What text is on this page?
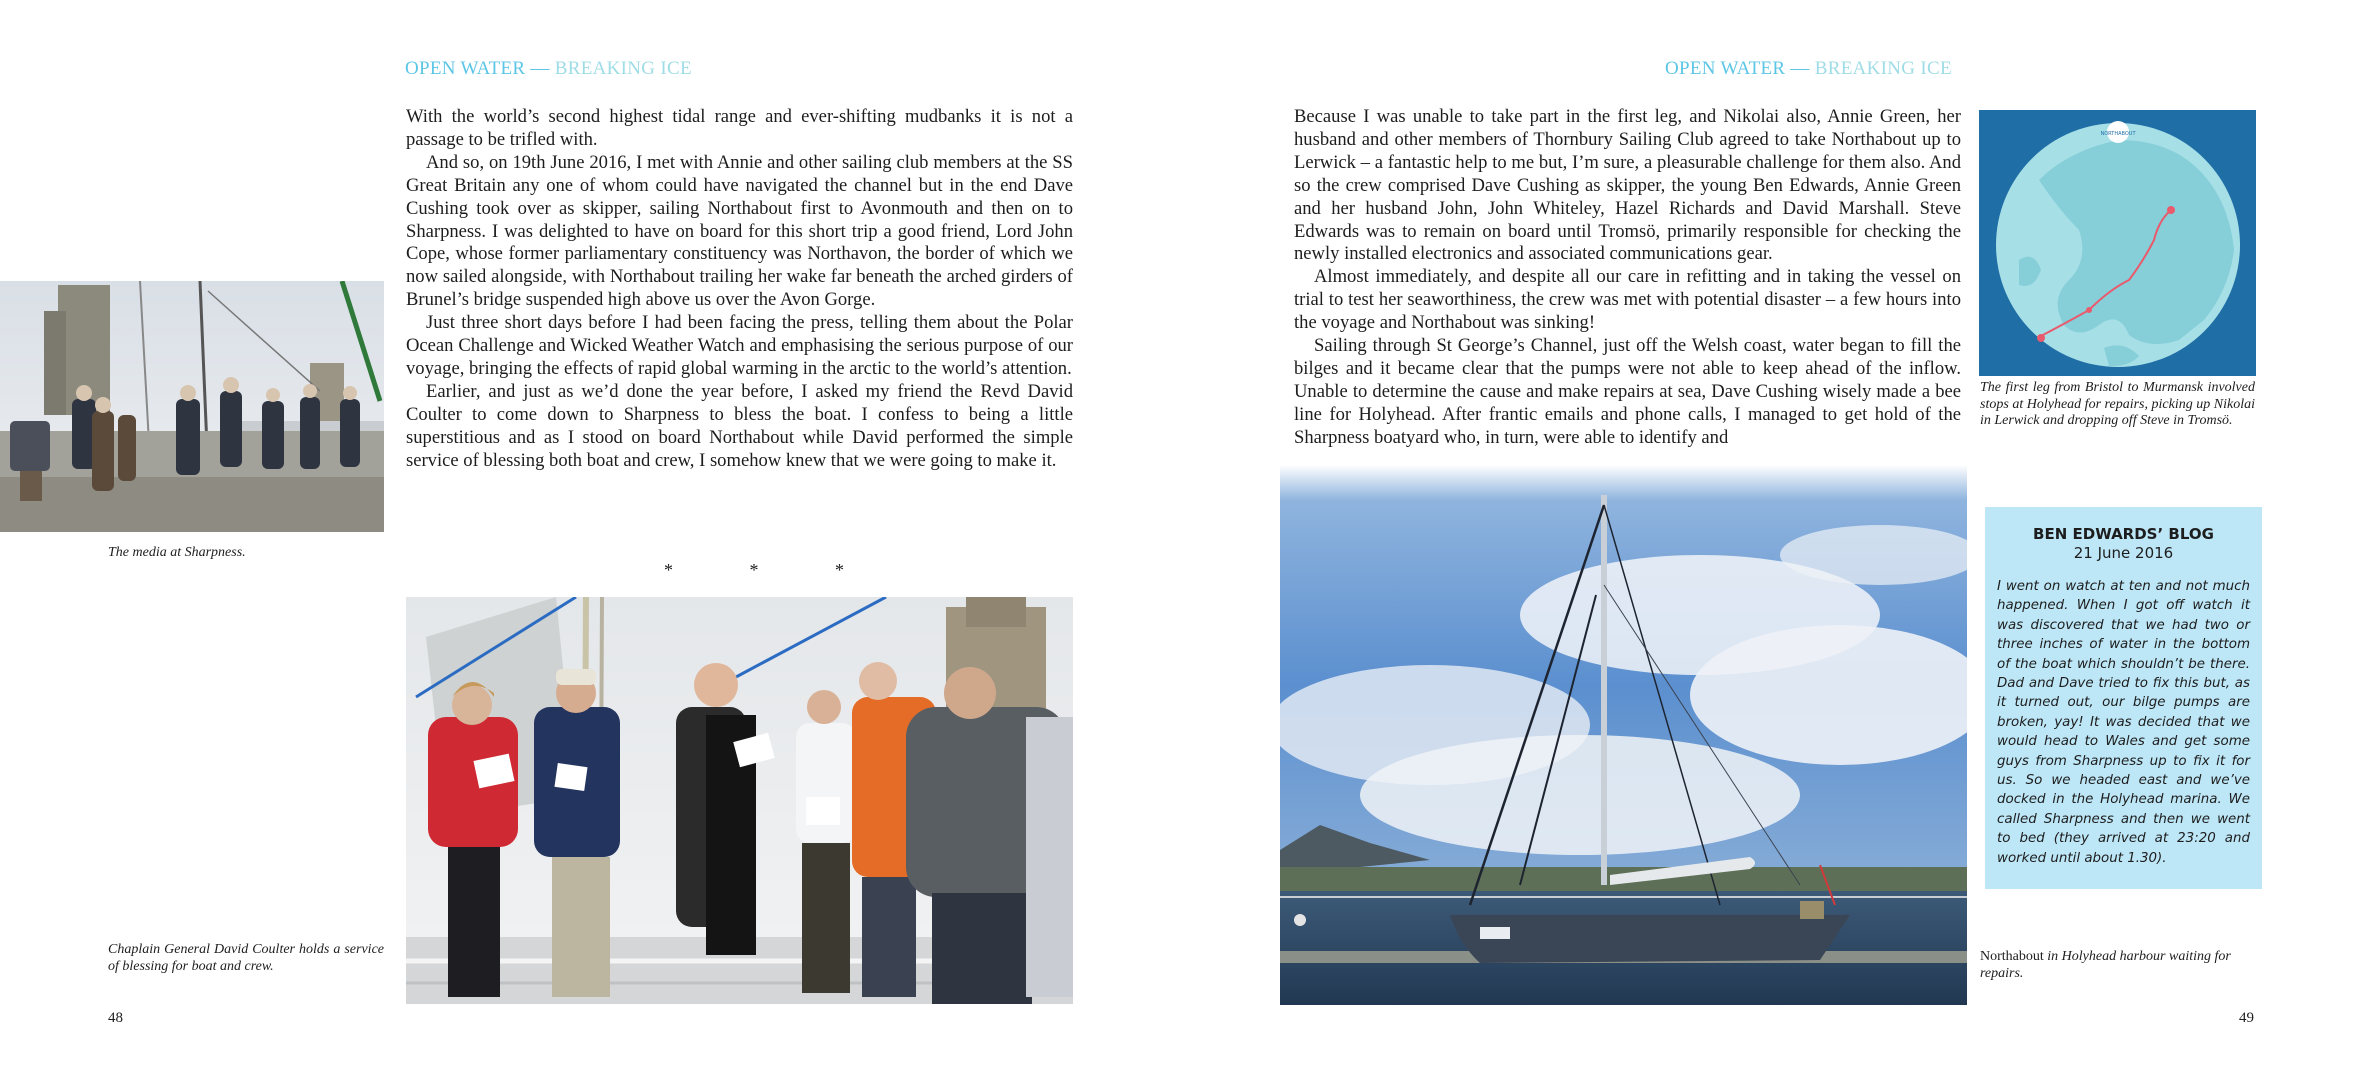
OPEN WATER — BREAKING ICE

With the world’s second highest tidal range and ever-shifting mudbanks it is not a passage to be trifled with.

And so, on 19th June 2016, I met with Annie and other sailing club members at the SS Great Britain any one of whom could have navigated the channel but in the end Dave Cushing took over as skipper, sailing Northabout first to Avonmouth and then on to Sharpness. I was delighted to have on board for this short trip a good friend, Lord John Cope, whose former parliamentary constituency was Northavon, the border of which we now sailed alongside, with Northabout trailing her wake far beneath the arched girders of Brunel’s bridge suspended high above us over the Avon Gorge.

Just three short days before I had been facing the press, telling them about the Polar Ocean Challenge and Wicked Weather Watch and emphasising the serious purpose of our voyage, bringing the effects of rapid global warming in the arctic to the world’s attention.

Earlier, and just as we’d done the year before, I asked my friend the Revd David Coulter to come down to Sharpness to bless the boat. I confess to being a little superstitious and as I stood on board Northabout while David performed the simple service of blessing both boat and crew, I somehow knew that we were going to make it.

*	*	*
The media at Sharpness.
Chaplain General David Coulter holds a service of blessing for boat and crew.
48
OPEN WATER — BREAKING ICE

Because I was unable to take part in the first leg, and Nikolai also, Annie Green, her husband and other members of Thornbury Sailing Club agreed to take Northabout up to Lerwick – a fantastic help to me but, I’m sure, a pleasurable challenge for them also. And so the crew comprised Dave Cushing as skipper, the young Ben Edwards, Annie Green and her husband John, John Whiteley, Hazel Richards and David Marshall. Steve Edwards was to remain on board until Tromsö, primarily responsible for checking the newly installed electronics and associated communications gear.

Almost immediately, and despite all our care in refitting and in taking the vessel on trial to test her seaworthiness, the crew was met with potential disaster – a few hours into the voyage and Northabout was sinking!

Sailing through St George’s Channel, just off the Welsh coast, water began to fill the bilges and it became clear that the pumps were not able to keep ahead of the inflow. Unable to determine the cause and make repairs at sea, Dave Cushing wisely made a bee line for Holyhead. After frantic emails and phone calls, I managed to get hold of the Sharpness boatyard who, in turn, were able to identify and

NORTHABOUT
The first leg from Bristol to Murmansk involved stops at Holyhead for repairs, picking up Nikolai in Lerwick and dropping off Steve in Tromsö.
BEN EDWARDS’ BLOG
21 June 2016
I went on watch at ten and not much happened. When I got off watch it was discovered that we had two or three inches of water in the bottom of the boat which shouldn’t be there. Dad and Dave tried to fix this but, as it turned out, our bilge pumps are broken, yay! It was decided that we would head to Wales and get some guys from Sharpness up to fix it for us. So we headed east and we’ve docked in the Holyhead marina. We called Sharpness and then we went to bed (they arrived at 23:20 and worked until about 1.30).
Northabout in Holyhead harbour waiting for repairs.
49
